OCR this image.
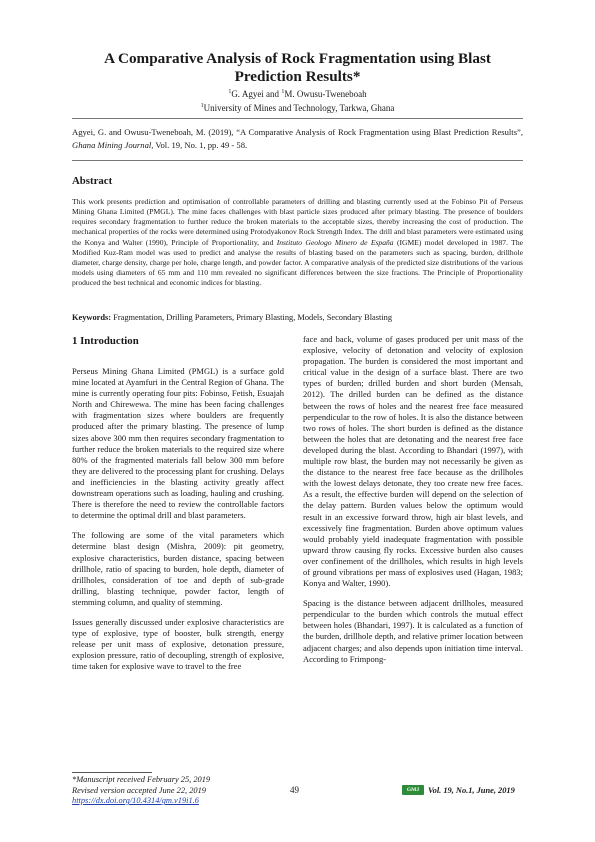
A Comparative Analysis of Rock Fragmentation using Blast
Prediction Results*
$^1$G. Agyei and $^1$M. Owusu-Tweneboah
$^1$University of Mines and Technology, Tarkwa, Ghana
Agyei, G. and Owusu-Tweneboah, M. (2019), “A Comparative Analysis of Rock Fragmentation using Blast Prediction Results”, Ghana Mining Journal, Vol. 19, No. 1, pp. 49 - 58.
Abstract

This work presents prediction and optimisation of controllable parameters of drilling and blasting currently used at the Fobinso Pit of Perseus Mining Ghana Limited (PMGL). The mine faces challenges with blast particle sizes produced after primary blasting. The presence of boulders requires secondary fragmentation to further reduce the broken materials to the acceptable sizes, thereby increasing the cost of production. The mechanical properties of the rocks were determined using Protodyakonov Rock Strength Index. The drill and blast parameters were estimated using the Konya and Walter (1990), Principle of Proportionality, and Instituto Geologo Minero de España (IGME) model developed in 1987. The Modified Kuz-Ram model was used to predict and analyse the results of blasting based on the parameters such as spacing, burden, drillhole diameter, charge density, charge per hole, charge length, and powder factor. A comparative analysis of the predicted size distributions of the various models using diameters of 65 mm and 110 mm revealed no significant differences between the size fractions. The Principle of Proportionality produced the best technical and economic indices for blasting.

Keywords: Fragmentation, Drilling Parameters, Primary Blasting, Models, Secondary Blasting
1 Introduction

Perseus Mining Ghana Limited (PMGL) is a surface gold mine located at Ayamfuri in the Central Region of Ghana. The mine is currently operating four pits: Fobinso, Fetish, Esuajah North and Chirewewa. The mine has been facing challenges with fragmentation sizes where boulders are frequently produced after the primary blasting. The presence of lump sizes above 300 mm then requires secondary fragmentation to further reduce the broken materials to the required size where 80% of the fragmented materials fall below 300 mm before they are delivered to the processing plant for crushing. Delays and inefficiencies in the blasting activity greatly affect downstream operations such as loading, hauling and crushing. There is therefore the need to review the controllable factors to determine the optimal drill and blast parameters.

The following are some of the vital parameters which determine blast design (Mishra, 2009): pit geometry, explosive characteristics, burden distance, spacing between drillhole, ratio of spacing to burden, hole depth, diameter of drillholes, consideration of toe and depth of sub-grade drilling, blasting technique, powder factor, length of stemming column, and quality of stemming.

Issues generally discussed under explosive characteristics are type of explosive, type of booster, bulk strength, energy release per unit mass of explosive, detonation pressure, explosion pressure, ratio of decoupling, strength of explosive, time taken for explosive wave to travel to the free

face and back, volume of gases produced per unit mass of the explosive, velocity of detonation and velocity of explosion propagation. The burden is considered the most important and critical value in the design of a surface blast. There are two types of burden; drilled burden and short burden (Mensah, 2012). The drilled burden can be defined as the distance between the rows of holes and the nearest free face measured perpendicular to the row of holes. It is also the distance between two rows of holes. The short burden is defined as the distance between the holes that are detonating and the nearest free face developed during the blast. According to Bhandari (1997), with multiple row blast, the burden may not necessarily be given as the distance to the nearest free face because as the drillholes with the lowest delays detonate, they too create new free faces. As a result, the effective burden will depend on the selection of the delay pattern. Burden values below the optimum would result in an excessive forward throw, high air blast levels, and excessively fine fragmentation. Burden above optimum values would probably yield inadequate fragmentation with possible upward throw causing fly rocks. Excessive burden also causes over confinement of the drillholes, which results in high levels of ground vibrations per mass of explosives used (Hagan, 1983; Konya and Walter, 1990).

Spacing is the distance between adjacent drillholes, measured perpendicular to the burden which controls the mutual effect between holes (Bhandari, 1997). It is calculated as a function of the burden, drillhole depth, and relative primer location between adjacent charges; and also depends upon initiation time interval. According to Frimpong-

*Manuscript received February 25, 2019
Revised version accepted June 22, 2019
https://dx.doi.org/10.4314/gm.v19i1.6
49	GMJ	Vol. 19, No.1, June, 2019
